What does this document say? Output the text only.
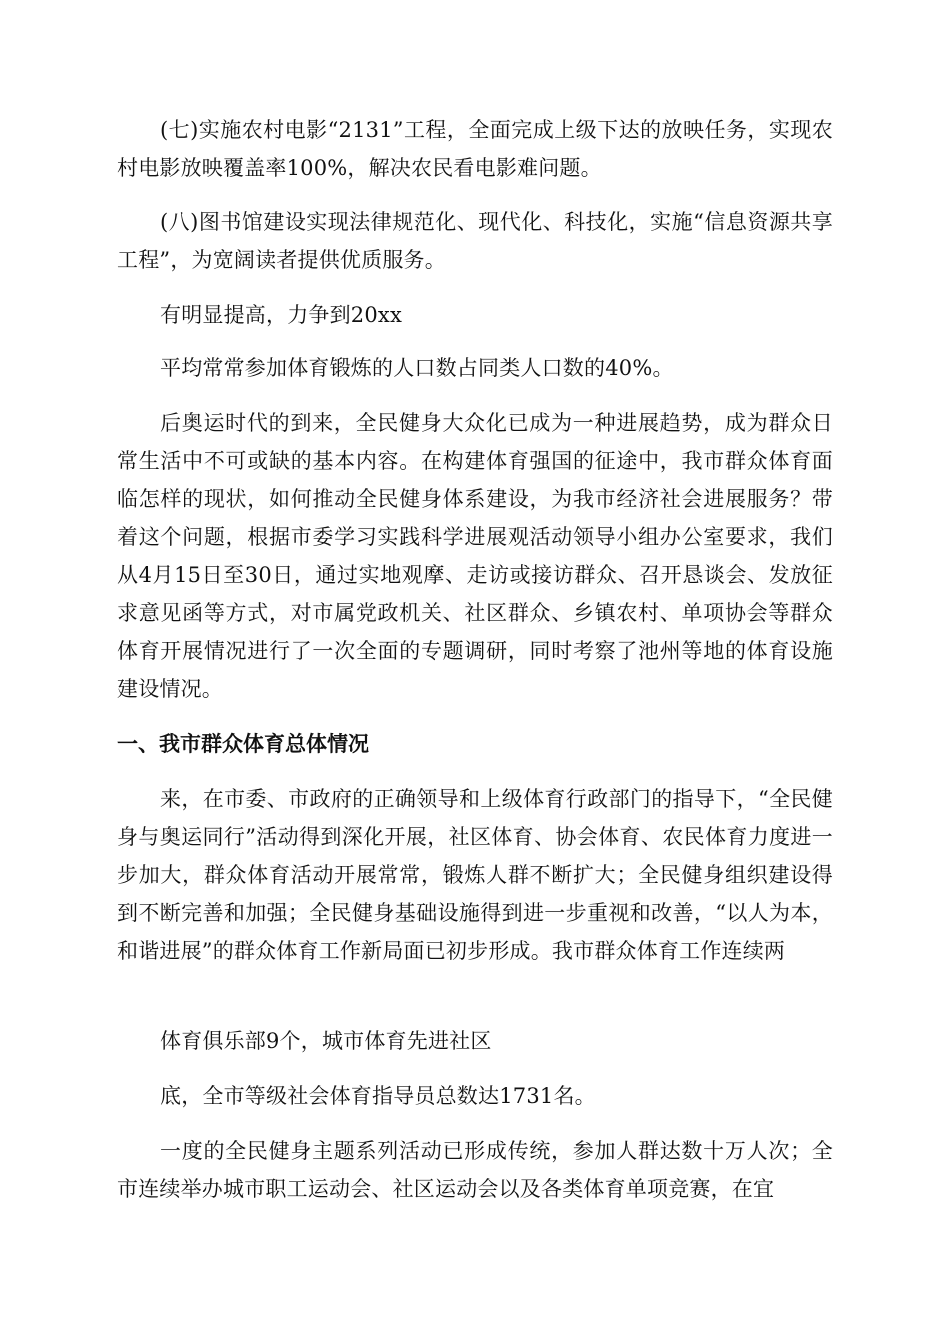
(七)实施农村电影“2131”工程，全面完成上级下达的放映任务，实现农村电影放映覆盖率100%，解决农民看电影难问题。

(八)图书馆建设实现法律规范化、现代化、科技化，实施“信息资源共享工程”，为宽阔读者提供优质服务。

有明显提高，力争到20xx

平均常常参加体育锻炼的人口数占同类人口数的40%。

后奥运时代的到来，全民健身大众化已成为一种进展趋势，成为群众日常生活中不可或缺的基本内容。在构建体育强国的征途中，我市群众体育面临怎样的现状，如何推动全民健身体系建设，为我市经济社会进展服务？带着这个问题，根据市委学习实践科学进展观活动领导小组办公室要求，我们从4月15日至30日，通过实地观摩、走访或接访群众、召开恳谈会、发放征求意见函等方式，对市属党政机关、社区群众、乡镇农村、单项协会等群众体育开展情况进行了一次全面的专题调研，同时考察了池州等地的体育设施建设情况。

一、我市群众体育总体情况

来，在市委、市政府的正确领导和上级体育行政部门的指导下，“全民健身与奥运同行”活动得到深化开展，社区体育、协会体育、农民体育力度进一步加大，群众体育活动开展常常，锻炼人群不断扩大；全民健身组织建设得到不断完善和加强；全民健身基础设施得到进一步重视和改善，“以人为本，和谐进展”的群众体育工作新局面已初步形成。我市群众体育工作连续两

体育俱乐部9个，城市体育先进社区

底，全市等级社会体育指导员总数达1731名。

一度的全民健身主题系列活动已形成传统，参加人群达数十万人次；全市连续举办城市职工运动会、社区运动会以及各类体育单项竞赛，在宜
